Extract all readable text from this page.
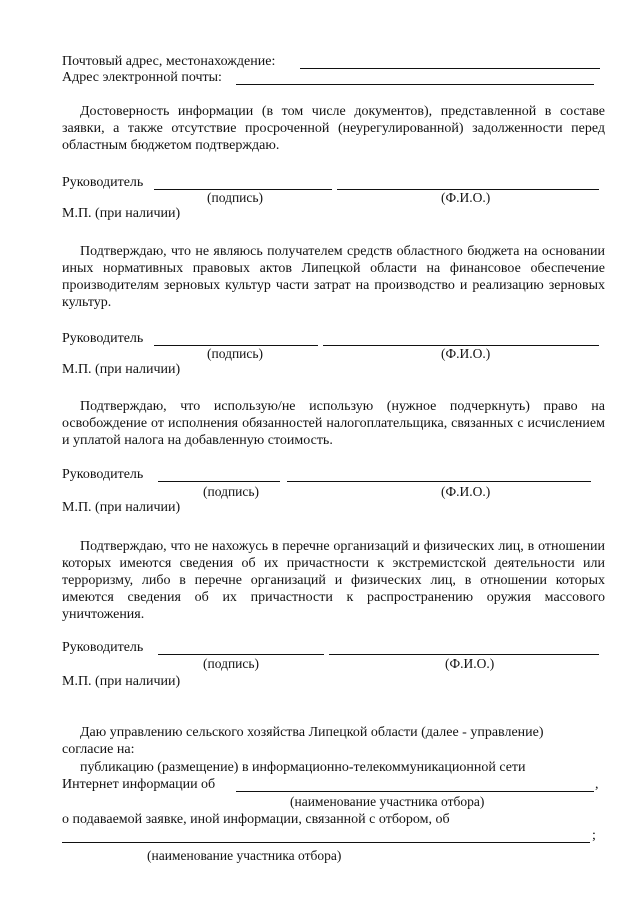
Почтовый адрес, местонахождение:
Адрес электронной почты:
Достоверность информации (в том числе документов), представленной в составе заявки, а также отсутствие просроченной (неурегулированной) задолженности перед областным бюджетом подтверждаю.
Руководитель
(подпись)	(Ф.И.О.)
М.П. (при наличии)
Подтверждаю, что не являюсь получателем средств областного бюджета на основании иных нормативных правовых актов Липецкой области на финансовое обеспечение производителям зерновых культур части затрат на производство и реализацию зерновых культур.
Руководитель
(подпись)	(Ф.И.О.)
М.П. (при наличии)
Подтверждаю, что использую/не использую (нужное подчеркнуть) право на освобождение от исполнения обязанностей налогоплательщика, связанных с исчислением и уплатой налога на добавленную стоимость.
Руководитель
(подпись)	(Ф.И.О.)
М.П. (при наличии)
Подтверждаю, что не нахожусь в перечне организаций и физических лиц, в отношении которых имеются сведения об их причастности к экстремистской деятельности или терроризму, либо в перечне организаций и физических лиц, в отношении которых имеются сведения об их причастности к распространению оружия массового уничтожения.
Руководитель
(подпись)	(Ф.И.О.)
М.П. (при наличии)
Даю управлению сельского хозяйства Липецкой области (далее - управление)
согласие на:
публикацию (размещение) в информационно-телекоммуникационной сети
Интернет информации об	,
(наименование участника отбора)
о подаваемой заявке, иной информации, связанной с отбором, об
;
(наименование участника отбора)
